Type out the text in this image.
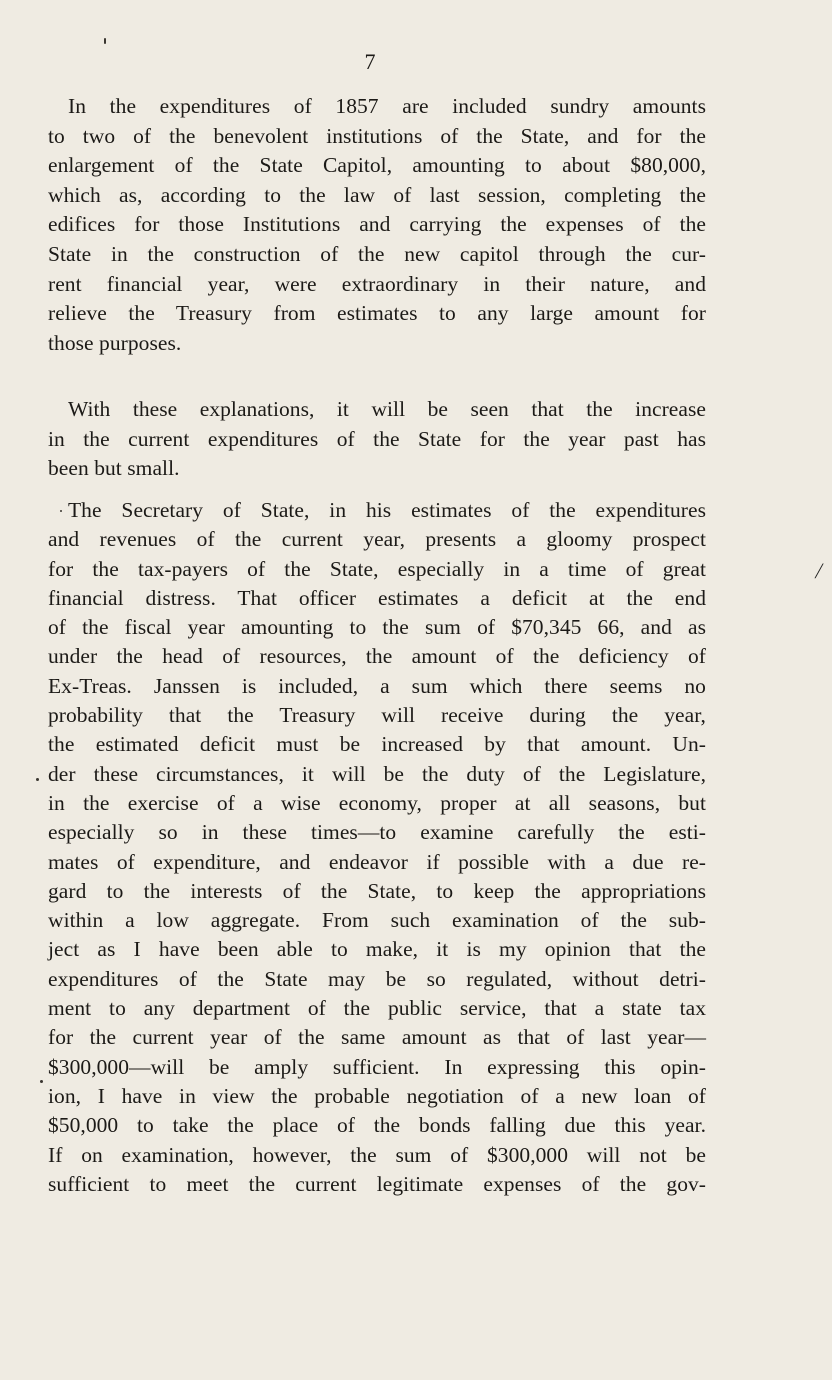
7
In the expenditures of 1857 are included sundry amounts
to two of the benevolent institutions of the State, and for the
enlargement of the State Capitol, amounting to about $80,000,
which as, according to the law of last session, completing the
edifices for those Institutions and carrying the expenses of the
State in the construction of the new capitol through the cur-
rent financial year, were extraordinary in their nature, and
relieve the Treasury from estimates to any large amount for
those purposes.
With these explanations, it will be seen that the increase
in the current expenditures of the State for the year past has
been but small.
The Secretary of State, in his estimates of the expenditures
and revenues of the current year, presents a gloomy prospect
for the tax-payers of the State, especially in a time of great
financial distress. That officer estimates a deficit at the end
of the fiscal year amounting to the sum of $70,345 66, and as
under the head of resources, the amount of the deficiency of
Ex-Treas. Janssen is included, a sum which there seems no
probability that the Treasury will receive during the year,
the estimated deficit must be increased by that amount. Un-
der these circumstances, it will be the duty of the Legislature,
in the exercise of a wise economy, proper at all seasons, but
especially so in these times—to examine carefully the esti-
mates of expenditure, and endeavor if possible with a due re-
gard to the interests of the State, to keep the appropriations
within a low aggregate. From such examination of the sub-
ject as I have been able to make, it is my opinion that the
expenditures of the State may be so regulated, without detri-
ment to any department of the public service, that a state tax
for the current year of the same amount as that of last year—
$300,000—will be amply sufficient. In expressing this opin-
ion, I have in view the probable negotiation of a new loan of
$50,000 to take the place of the bonds falling due this year.
If on examination, however, the sum of $300,000 will not be
sufficient to meet the current legitimate expenses of the gov-
/
